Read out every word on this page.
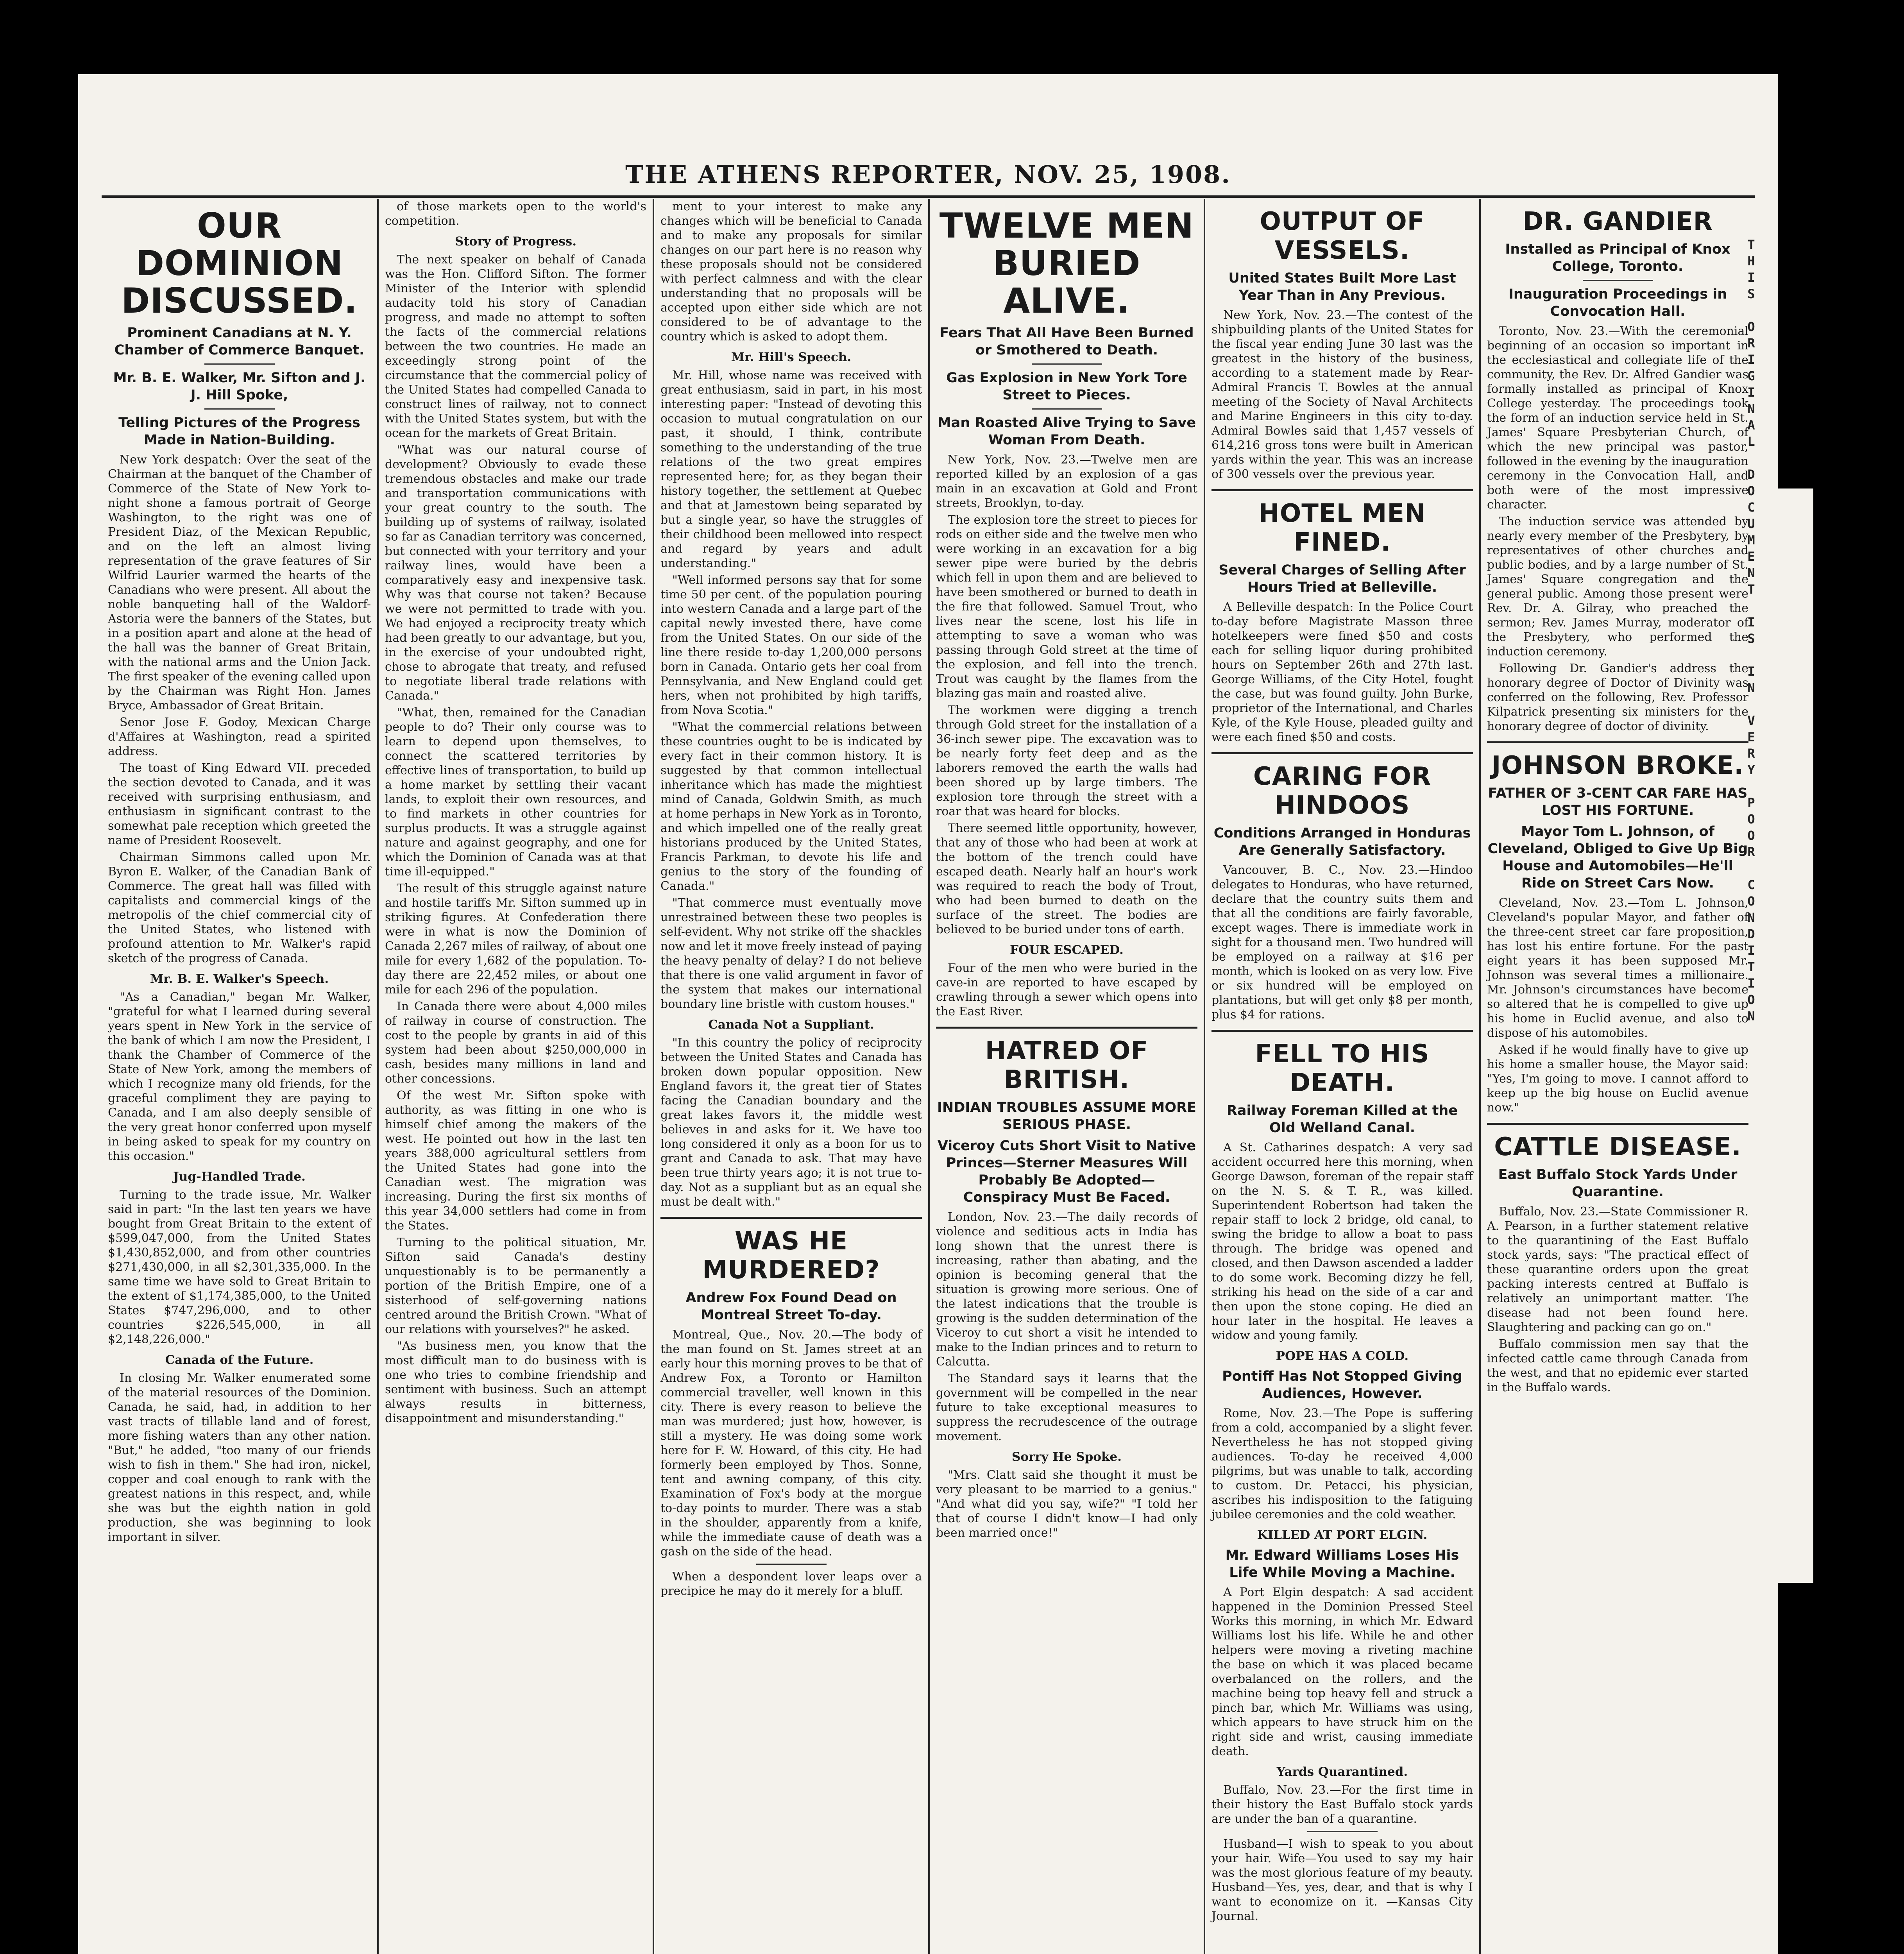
THE ATHENS REPORTER, NOV. 25, 1908.
OUR DOMINION DISCUSSED.
Prominent Canadians at N. Y. Chamber of Commerce Banquet.
Mr. B. E. Walker, Mr. Sifton and J. J. Hill Spoke,
Telling Pictures of the Progress Made in Nation-Building.

New York despatch: Over the seat of the Chairman at the banquet of the Chamber of Commerce of the State of New York to-night shone a famous portrait of George Washington, to the right was one of President Diaz, of the Mexican Republic, and on the left an almost living representation of the grave features of Sir Wilfrid Laurier warmed the hearts of the Canadians who were present. All about the noble banqueting hall of the Waldorf-Astoria were the banners of the States, but in a position apart and alone at the head of the hall was the banner of Great Britain, with the national arms and the Union Jack. The first speaker of the evening called upon by the Chairman was Right Hon. James Bryce, Ambassador of Great Britain.

Senor Jose F. Godoy, Mexican Charge d'Affaires at Washington, read a spirited address.

The toast of King Edward VII. preceded the section devoted to Canada, and it was received with surprising enthusiasm, and enthusiasm in significant contrast to the somewhat pale reception which greeted the name of President Roosevelt.

Chairman Simmons called upon Mr. Byron E. Walker, of the Canadian Bank of Commerce. The great hall was filled with capitalists and commercial kings of the metropolis of the chief commercial city of the United States, who listened with profound attention to Mr. Walker's rapid sketch of the progress of Canada.

Mr. B. E. Walker's Speech.

"As a Canadian," began Mr. Walker, "grateful for what I learned during several years spent in New York in the service of the bank of which I am now the President, I thank the Chamber of Commerce of the State of New York, among the members of which I recognize many old friends, for the graceful compliment they are paying to Canada, and I am also deeply sensible of the very great honor conferred upon myself in being asked to speak for my country on this occasion."

Jug-Handled Trade.

Turning to the trade issue, Mr. Walker said in part: "In the last ten years we have bought from Great Britain to the extent of $599,047,000, from the United States $1,430,852,000, and from other countries $271,430,000, in all $2,301,335,000. In the same time we have sold to Great Britain to the extent of $1,174,385,000, to the United States $747,296,000, and to other countries $226,545,000, in all $2,148,226,000."

Canada of the Future.

In closing Mr. Walker enumerated some of the material resources of the Dominion. Canada, he said, had, in addition to her vast tracts of tillable land and of forest, more fishing waters than any other nation. "But," he added, "too many of our friends wish to fish in them." She had iron, nickel, copper and coal enough to rank with the greatest nations in this respect, and, while she was but the eighth nation in gold production, she was beginning to look important in silver.

of those markets open to the world's competition.

Story of Progress.

The next speaker on behalf of Canada was the Hon. Clifford Sifton. The former Minister of the Interior with splendid audacity told his story of Canadian progress, and made no attempt to soften the facts of the commercial relations between the two countries. He made an exceedingly strong point of the circumstance that the commercial policy of the United States had compelled Canada to construct lines of railway, not to connect with the United States system, but with the ocean for the markets of Great Britain.

"What was our natural course of development? Obviously to evade these tremendous obstacles and make our trade and transportation communications with your great country to the south. The building up of systems of railway, isolated so far as Canadian territory was concerned, but connected with your territory and your railway lines, would have been a comparatively easy and inexpensive task. Why was that course not taken? Because we were not permitted to trade with you. We had enjoyed a reciprocity treaty which had been greatly to our advantage, but you, in the exercise of your undoubted right, chose to abrogate that treaty, and refused to negotiate liberal trade relations with Canada."

"What, then, remained for the Canadian people to do? Their only course was to learn to depend upon themselves, to connect the scattered territories by effective lines of transportation, to build up a home market by settling their vacant lands, to exploit their own resources, and to find markets in other countries for surplus products. It was a struggle against nature and against geography, and one for which the Dominion of Canada was at that time ill-equipped."

The result of this struggle against nature and hostile tariffs Mr. Sifton summed up in striking figures. At Confederation there were in what is now the Dominion of Canada 2,267 miles of railway, of about one mile for every 1,682 of the population. To-day there are 22,452 miles, or about one mile for each 296 of the population.

In Canada there were about 4,000 miles of railway in course of construction. The cost to the people by grants in aid of this system had been about $250,000,000 in cash, besides many millions in land and other concessions.

Of the west Mr. Sifton spoke with authority, as was fitting in one who is himself chief among the makers of the west. He pointed out how in the last ten years 388,000 agricultural settlers from the United States had gone into the Canadian west. The migration was increasing. During the first six months of this year 34,000 settlers had come in from the States.

Turning to the political situation, Mr. Sifton said Canada's destiny unquestionably is to be permanently a portion of the British Empire, one of a sisterhood of self-governing nations centred around the British Crown. "What of our relations with yourselves?" he asked.

"As business men, you know that the most difficult man to do business with is one who tries to combine friendship and sentiment with business. Such an attempt always results in bitterness, disappointment and misunderstanding."

ment to your interest to make any changes which will be beneficial to Canada and to make any proposals for similar changes on our part here is no reason why these proposals should not be considered with perfect calmness and with the clear understanding that no proposals will be accepted upon either side which are not considered to be of advantage to the country which is asked to adopt them.

Mr. Hill's Speech.

Mr. Hill, whose name was received with great enthusiasm, said in part, in his most interesting paper: "Instead of devoting this occasion to mutual congratulation on our past, it should, I think, contribute something to the understanding of the true relations of the two great empires represented here; for, as they began their history together, the settlement at Quebec and that at Jamestown being separated by but a single year, so have the struggles of their childhood been mellowed into respect and regard by years and adult understanding."

"Well informed persons say that for some time 50 per cent. of the population pouring into western Canada and a large part of the capital newly invested there, have come from the United States. On our side of the line there reside to-day 1,200,000 persons born in Canada. Ontario gets her coal from Pennsylvania, and New England could get hers, when not prohibited by high tariffs, from Nova Scotia."

"What the commercial relations between these countries ought to be is indicated by every fact in their common history. It is suggested by that common intellectual inheritance which has made the mightiest mind of Canada, Goldwin Smith, as much at home perhaps in New York as in Toronto, and which impelled one of the really great historians produced by the United States, Francis Parkman, to devote his life and genius to the story of the founding of Canada."

"That commerce must eventually move unrestrained between these two peoples is self-evident. Why not strike off the shackles now and let it move freely instead of paying the heavy penalty of delay? I do not believe that there is one valid argument in favor of the system that makes our international boundary line bristle with custom houses."

Canada Not a Suppliant.

"In this country the policy of reciprocity between the United States and Canada has broken down popular opposition. New England favors it, the great tier of States facing the Canadian boundary and the great lakes favors it, the middle west believes in and asks for it. We have too long considered it only as a boon for us to grant and Canada to ask. That may have been true thirty years ago; it is not true to-day. Not as a suppliant but as an equal she must be dealt with."

WAS HE MURDERED?
Andrew Fox Found Dead on Montreal Street To-day.

Montreal, Que., Nov. 20.—The body of the man found on St. James street at an early hour this morning proves to be that of Andrew Fox, a Toronto or Hamilton commercial traveller, well known in this city. There is every reason to believe the man was murdered; just how, however, is still a mystery. He was doing some work here for F. W. Howard, of this city. He had formerly been employed by Thos. Sonne, tent and awning company, of this city. Examination of Fox's body at the morgue to-day points to murder. There was a stab in the shoulder, apparently from a knife, while the immediate cause of death was a gash on the side of the head.

When a despondent lover leaps over a precipice he may do it merely for a bluff.

TWELVE MEN BURIED ALIVE.
Fears That All Have Been Burned or Smothered to Death.
Gas Explosion in New York Tore Street to Pieces.
Man Roasted Alive Trying to Save Woman From Death.

New York, Nov. 23.—Twelve men are reported killed by an explosion of a gas main in an excavation at Gold and Front streets, Brooklyn, to-day.

The explosion tore the street to pieces for rods on either side and the twelve men who were working in an excavation for a big sewer pipe were buried by the debris which fell in upon them and are believed to have been smothered or burned to death in the fire that followed. Samuel Trout, who lives near the scene, lost his life in attempting to save a woman who was passing through Gold street at the time of the explosion, and fell into the trench. Trout was caught by the flames from the blazing gas main and roasted alive.

The workmen were digging a trench through Gold street for the installation of a 36-inch sewer pipe. The excavation was to be nearly forty feet deep and as the laborers removed the earth the walls had been shored up by large timbers. The explosion tore through the street with a roar that was heard for blocks.

There seemed little opportunity, however, that any of those who had been at work at the bottom of the trench could have escaped death. Nearly half an hour's work was required to reach the body of Trout, who had been burned to death on the surface of the street. The bodies are believed to be buried under tons of earth.

FOUR ESCAPED.

Four of the men who were buried in the cave-in are reported to have escaped by crawling through a sewer which opens into the East River.

HATRED OF BRITISH.
INDIAN TROUBLES ASSUME MORE SERIOUS PHASE.
Viceroy Cuts Short Visit to Native Princes—Sterner Measures Will Probably Be Adopted—Conspiracy Must Be Faced.

London, Nov. 23.—The daily records of violence and seditious acts in India has long shown that the unrest there is increasing, rather than abating, and the opinion is becoming general that the situation is growing more serious. One of the latest indications that the trouble is growing is the sudden determination of the Viceroy to cut short a visit he intended to make to the Indian princes and to return to Calcutta.

The Standard says it learns that the government will be compelled in the near future to take exceptional measures to suppress the recrudescence of the outrage movement.

Sorry He Spoke.

"Mrs. Clatt said she thought it must be very pleasant to be married to a genius." "And what did you say, wife?" "I told her that of course I didn't know—I had only been married once!"

OUTPUT OF VESSELS.
United States Built More Last Year Than in Any Previous.

New York, Nov. 23.—The contest of the shipbuilding plants of the United States for the fiscal year ending June 30 last was the greatest in the history of the business, according to a statement made by Rear-Admiral Francis T. Bowles at the annual meeting of the Society of Naval Architects and Marine Engineers in this city to-day. Admiral Bowles said that 1,457 vessels of 614,216 gross tons were built in American yards within the year. This was an increase of 300 vessels over the previous year.

HOTEL MEN FINED.
Several Charges of Selling After Hours Tried at Belleville.

A Belleville despatch: In the Police Court to-day before Magistrate Masson three hotelkeepers were fined $50 and costs each for selling liquor during prohibited hours on September 26th and 27th last. George Williams, of the City Hotel, fought the case, but was found guilty. John Burke, proprietor of the International, and Charles Kyle, of the Kyle House, pleaded guilty and were each fined $50 and costs.

CARING FOR HINDOOS
Conditions Arranged in Honduras Are Generally Satisfactory.

Vancouver, B. C., Nov. 23.—Hindoo delegates to Honduras, who have returned, declare that the country suits them and that all the conditions are fairly favorable, except wages. There is immediate work in sight for a thousand men. Two hundred will be employed on a railway at $16 per month, which is looked on as very low. Five or six hundred will be employed on plantations, but will get only $8 per month, plus $4 for rations.

FELL TO HIS DEATH.
Railway Foreman Killed at the Old Welland Canal.

A St. Catharines despatch: A very sad accident occurred here this morning, when George Dawson, foreman of the repair staff on the N. S. & T. R., was killed. Superintendent Robertson had taken the repair staff to lock 2 bridge, old canal, to swing the bridge to allow a boat to pass through. The bridge was opened and closed, and then Dawson ascended a ladder to do some work. Becoming dizzy he fell, striking his head on the side of a car and then upon the stone coping. He died an hour later in the hospital. He leaves a widow and young family.

POPE HAS A COLD.
Pontiff Has Not Stopped Giving Audiences, However.

Rome, Nov. 23.—The Pope is suffering from a cold, accompanied by a slight fever. Nevertheless he has not stopped giving audiences. To-day he received 4,000 pilgrims, but was unable to talk, according to custom. Dr. Petacci, his physician, ascribes his indisposition to the fatiguing jubilee ceremonies and the cold weather.

KILLED AT PORT ELGIN.
Mr. Edward Williams Loses His Life While Moving a Machine.

A Port Elgin despatch: A sad accident happened in the Dominion Pressed Steel Works this morning, in which Mr. Edward Williams lost his life. While he and other helpers were moving a riveting machine the base on which it was placed became overbalanced on the rollers, and the machine being top heavy fell and struck a pinch bar, which Mr. Williams was using, which appears to have struck him on the right side and wrist, causing immediate death.

Yards Quarantined.

Buffalo, Nov. 23.—For the first time in their history the East Buffalo stock yards are under the ban of a quarantine.

Husband—I wish to speak to you about your hair. Wife—You used to say my hair was the most glorious feature of my beauty. Husband—Yes, yes, dear, and that is why I want to economize on it. —Kansas City Journal.

DR. GANDIER
Installed as Principal of Knox College, Toronto.
Inauguration Proceedings in Convocation Hall.

Toronto, Nov. 23.—With the ceremonial beginning of an occasion so important in the ecclesiastical and collegiate life of the community, the Rev. Dr. Alfred Gandier was formally installed as principal of Knox College yesterday. The proceedings took the form of an induction service held in St. James' Square Presbyterian Church, of which the new principal was pastor, followed in the evening by the inauguration ceremony in the Convocation Hall, and both were of the most impressive character.

The induction service was attended by nearly every member of the Presbytery, by representatives of other churches and public bodies, and by a large number of St. James' Square congregation and the general public. Among those present were Rev. Dr. A. Gilray, who preached the sermon; Rev. James Murray, moderator of the Presbytery, who performed the induction ceremony.

Following Dr. Gandier's address the honorary degree of Doctor of Divinity was conferred on the following, Rev. Professor Kilpatrick presenting six ministers for the honorary degree of doctor of divinity.

JOHNSON BROKE.
FATHER OF 3-CENT CAR FARE HAS LOST HIS FORTUNE.
Mayor Tom L. Johnson, of Cleveland, Obliged to Give Up Big House and Automobiles—He'll Ride on Street Cars Now.

Cleveland, Nov. 23.—Tom L. Johnson, Cleveland's popular Mayor, and father of the three-cent street car fare proposition, has lost his entire fortune. For the past eight years it has been supposed Mr. Johnson was several times a millionaire. Mr. Johnson's circumstances have become so altered that he is compelled to give up his home in Euclid avenue, and also to dispose of his automobiles.

Asked if he would finally have to give up his home a smaller house, the Mayor said: "Yes, I'm going to move. I cannot afford to keep up the big house on Euclid avenue now."

CATTLE DISEASE.
East Buffalo Stock Yards Under Quarantine.

Buffalo, Nov. 23.—State Commissioner R. A. Pearson, in a further statement relative to the quarantining of the East Buffalo stock yards, says: "The practical effect of these quarantine orders upon the great packing interests centred at Buffalo is relatively an unimportant matter. The disease had not been found here. Slaughtering and packing can go on."

Buffalo commission men say that the infected cattle came through Canada from the west, and that no epidemic ever started in the Buffalo wards.

T
H
I
S
O
R
I
G
I
N
A
L
D
O
C
U
M
E
N
T
I
S
I
N
V
E
R
Y
P
O
O
R
C
O
N
D
I
T
I
O
N
